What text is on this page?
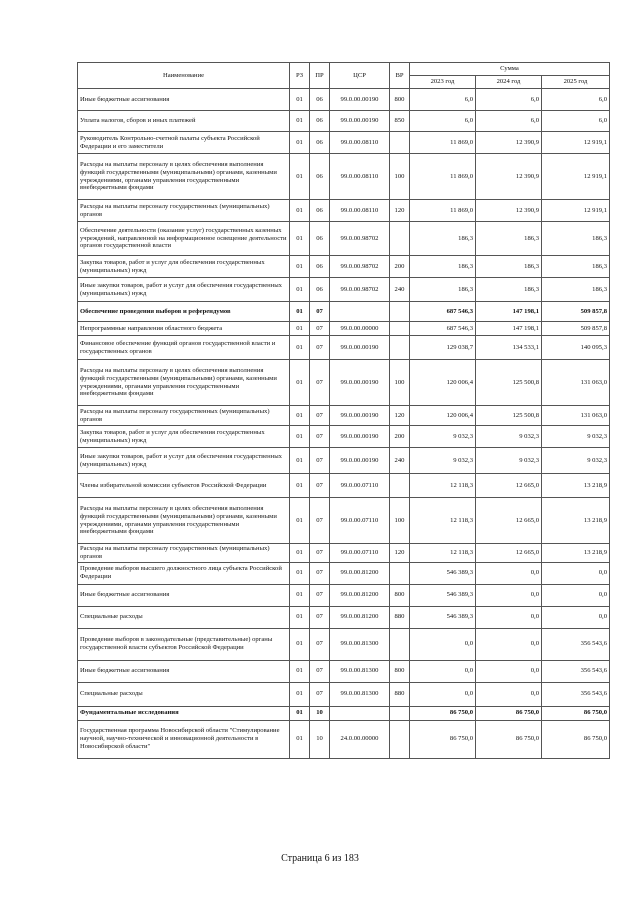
Наименование	РЗ	ПР	ЦСР	ВР	Сумма		
					2023 год	2024 год	2025 год
Иные бюджетные ассигнования	01	06	99.0.00.00190	800	6,0	6,0	6,0
Уплата налогов, сборов и иных платежей	01	06	99.0.00.00190	850	6,0	6,0	6,0
Руководитель Контрольно-счетной палаты субъекта Российской Федерации и его заместители	01	06	99.0.00.08110		11 869,0	12 390,9	12 919,1
Расходы на выплаты персоналу в целях обеспечения выполнения функций государственными (муниципальными) органами, казенными учреждениями, органами управления государственными внебюджетными фондами	01	06	99.0.00.08110	100	11 869,0	12 390,9	12 919,1
Расходы на выплаты персоналу государственных (муниципальных) органов	01	06	99.0.00.08110	120	11 869,0	12 390,9	12 919,1
Обеспечение деятельности (оказание услуг) государственных казенных учреждений, направленной на информационное освещение деятельности органов государственной власти	01	06	99.0.00.98702		186,3	186,3	186,3
Закупка товаров, работ и услуг для обеспечения государственных (муниципальных) нужд	01	06	99.0.00.98702	200	186,3	186,3	186,3
Иные закупки товаров, работ и услуг для обеспечения государственных (муниципальных) нужд	01	06	99.0.00.98702	240	186,3	186,3	186,3
Обеспечение проведения выборов и референдумов	01	07			687 546,3	147 198,1	509 857,8
Непрограммные направления областного бюджета	01	07	99.0.00.00000		687 546,3	147 198,1	509 857,8
Финансовое обеспечение функций органов государственной власти и государственных органов	01	07	99.0.00.00190		129 038,7	134 533,1	140 095,3
Расходы на выплаты персоналу в целях обеспечения выполнения функций государственными (муниципальными) органами, казенными учреждениями, органами управления государственными внебюджетными фондами	01	07	99.0.00.00190	100	120 006,4	125 500,8	131 063,0
Расходы на выплаты персоналу государственных (муниципальных) органов	01	07	99.0.00.00190	120	120 006,4	125 500,8	131 063,0
Закупка товаров, работ и услуг для обеспечения государственных (муниципальных) нужд	01	07	99.0.00.00190	200	9 032,3	9 032,3	9 032,3
Иные закупки товаров, работ и услуг для обеспечения государственных (муниципальных) нужд	01	07	99.0.00.00190	240	9 032,3	9 032,3	9 032,3
Члены избирательной комиссии субъектов Российской Федерации	01	07	99.0.00.07110		12 118,3	12 665,0	13 218,9
Расходы на выплаты персоналу в целях обеспечения выполнения функций государственными (муниципальными) органами, казенными учреждениями, органами управления государственными внебюджетными фондами	01	07	99.0.00.07110	100	12 118,3	12 665,0	13 218,9
Расходы на выплаты персоналу государственных (муниципальных) органов	01	07	99.0.00.07110	120	12 118,3	12 665,0	13 218,9
Проведение выборов высшего должностного лица субъекта Российской Федерации	01	07	99.0.00.81200		546 389,3	0,0	0,0
Иные бюджетные ассигнования	01	07	99.0.00.81200	800	546 389,3	0,0	0,0
Специальные расходы	01	07	99.0.00.81200	880	546 389,3	0,0	0,0
Проведение выборов в законодательные (представительные) органы государственной власти субъектов Российской Федерации	01	07	99.0.00.81300		0,0	0,0	356 543,6
Иные бюджетные ассигнования	01	07	99.0.00.81300	800	0,0	0,0	356 543,6
Специальные расходы	01	07	99.0.00.81300	880	0,0	0,0	356 543,6
Фундаментальные исследования	01	10			86 750,0	86 750,0	86 750,0
Государственная программа Новосибирской области "Стимулирование научной, научно-технической и инновационной деятельности в Новосибирской области"	01	10	24.0.00.00000		86 750,0	86 750,0	86 750,0
Страница 6 из 183
